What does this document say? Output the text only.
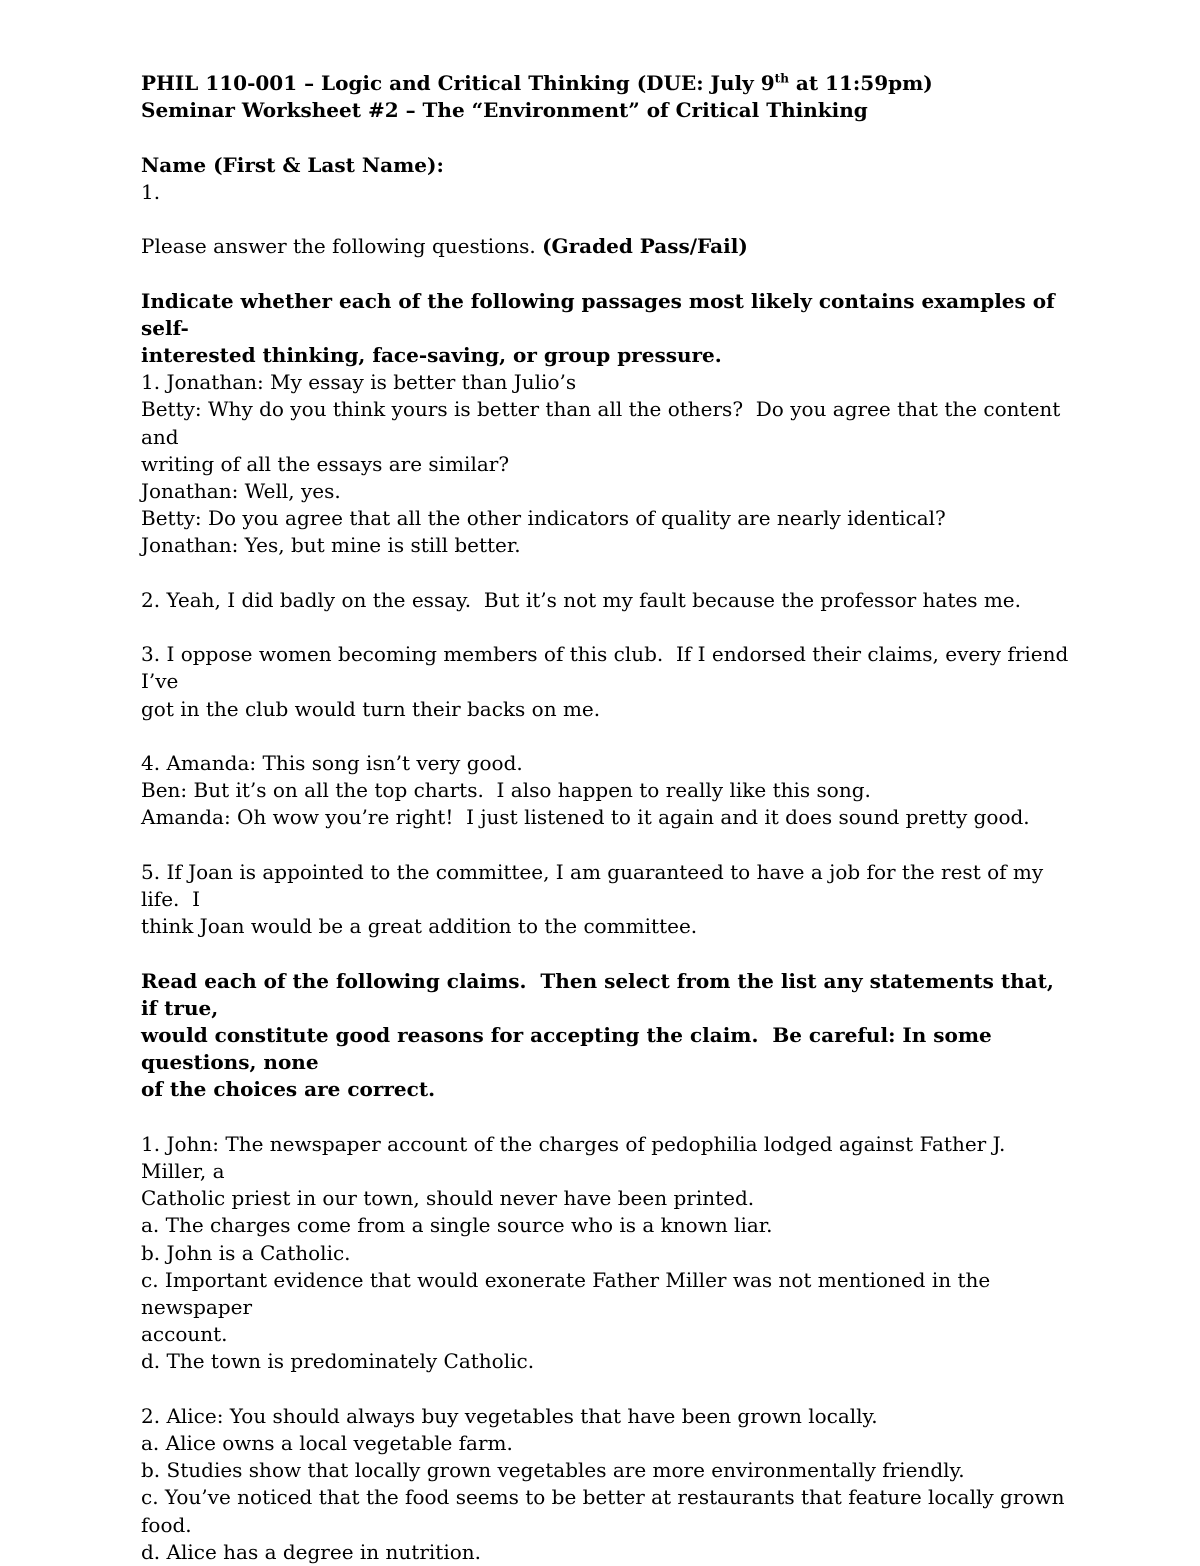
PHIL 110-001 – Logic and Critical Thinking (DUE: July 9th at 11:59pm)

Seminar Worksheet #2 – The “Environment” of Critical Thinking

Name (First & Last Name):

1.

Please answer the following questions. (Graded Pass/Fail)

Indicate whether each of the following passages most likely contains examples of self-

interested thinking, face-saving, or group pressure.

1. Jonathan: My essay is better than Julio’s

Betty: Why do you think yours is better than all the others?  Do you agree that the content and

writing of all the essays are similar?

Jonathan: Well, yes.

Betty: Do you agree that all the other indicators of quality are nearly identical?

Jonathan: Yes, but mine is still better.

2. Yeah, I did badly on the essay.  But it’s not my fault because the professor hates me.

3. I oppose women becoming members of this club.  If I endorsed their claims, every friend I’ve

got in the club would turn their backs on me.

4. Amanda: This song isn’t very good.

Ben: But it’s on all the top charts.  I also happen to really like this song.

Amanda: Oh wow you’re right!  I just listened to it again and it does sound pretty good.

5. If Joan is appointed to the committee, I am guaranteed to have a job for the rest of my life.  I

think Joan would be a great addition to the committee.

Read each of the following claims.  Then select from the list any statements that, if true,

would constitute good reasons for accepting the claim.  Be careful: In some questions, none

of the choices are correct.

1. John: The newspaper account of the charges of pedophilia lodged against Father J. Miller, a

Catholic priest in our town, should never have been printed.

a. The charges come from a single source who is a known liar.

b. John is a Catholic.

c. Important evidence that would exonerate Father Miller was not mentioned in the newspaper

account.

d. The town is predominately Catholic.

2. Alice: You should always buy vegetables that have been grown locally.

a. Alice owns a local vegetable farm.

b. Studies show that locally grown vegetables are more environmentally friendly.

c. You’ve noticed that the food seems to be better at restaurants that feature locally grown food.

d. Alice has a degree in nutrition.
